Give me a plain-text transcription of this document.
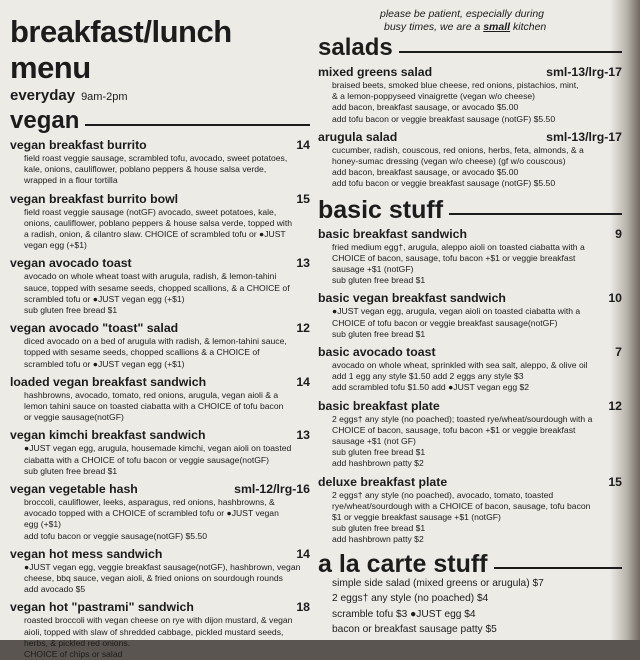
breakfast/lunch menu
everyday 9am-2pm
vegan
vegan breakfast burrito	14
field roast veggie sausage, scrambled tofu, avocado, sweet potatoes,
kale, onions, cauliflower, poblano peppers & house salsa verde,
wrapped in a flour tortilla
vegan breakfast burrito bowl	15
field roast veggie sausage (notGF) avocado, sweet potatoes, kale,
onions, cauliflower, poblano peppers & house salsa verde, topped with
a radish, onion, & cilantro slaw. CHOICE of scrambled tofu or ●JUST
vegan egg (+$1)
vegan avocado toast	13
avocado on whole wheat toast with arugula, radish, & lemon-tahini
sauce, topped with sesame seeds, chopped scallions, & a CHOICE of
scrambled tofu or ●JUST vegan egg (+$1)
sub gluten free bread $1
vegan avocado "toast" salad	12
diced avocado on a bed of arugula with radish, & lemon-tahini sauce,
topped with sesame seeds, chopped scallions & a CHOICE of
scrambled tofu or ●JUST vegan egg (+$1)
loaded vegan breakfast sandwich	14
hashbrowns, avocado, tomato, red onions, arugula, vegan aioli & a
lemon tahini sauce on toasted ciabatta with a CHOICE of tofu bacon
or veggie sausage(notGF)
vegan kimchi breakfast sandwich	13
●JUST vegan egg, arugula, housemade kimchi, vegan aioli on toasted
ciabatta with a CHOICE of tofu bacon or veggie sausage(notGF)
sub gluten free bread $1
vegan vegetable hash	sml-12/lrg-16
broccoli, cauliflower, leeks, asparagus, red onions, hashbrowns, &
avocado topped with a CHOICE of scrambled tofu or ●JUST vegan
egg (+$1)
add tofu bacon or veggie sausage(notGF) $5.50
vegan hot mess sandwich	14
●JUST vegan egg, veggie breakfast sausage(notGF), hashbrown, vegan
cheese, bbq sauce, vegan aioli, & fried onions on sourdough rounds
add avocado $5
vegan hot "pastrami" sandwich	18
roasted broccoli with vegan cheese on rye with dijon mustard, & vegan
aioli, topped with slaw of shredded cabbage, pickled mustard seeds,
herbs, & pickled red onions.
CHOICE of chips or salad
please be patient, especially during
busy times, we are a small kitchen
salads
mixed greens salad	sml-13/lrg-17
braised beets, smoked blue cheese, red onions, pistachios, mint,
& a lemon-poppyseed vinaigrette (vegan w/o cheese)
add bacon, breakfast sausage, or avocado $5.00
add tofu bacon or veggie breakfast sausage (notGF) $5.50
arugula salad	sml-13/lrg-17
cucumber, radish, couscous, red onions, herbs, feta, almonds, & a
honey-sumac dressing (vegan w/o cheese) (gf w/o couscous)
add bacon, breakfast sausage, or avocado $5.00
add tofu bacon or veggie breakfast sausage (notGF) $5.50
basic stuff
basic breakfast sandwich	9
fried medium egg†, arugula, aleppo aioli on toasted ciabatta with a
CHOICE of bacon, sausage, tofu bacon +$1 or veggie breakfast
sausage +$1 (notGF)
sub gluten free bread $1
basic vegan breakfast sandwich	10
●JUST vegan egg, arugula, vegan aioli on toasted ciabatta with a
CHOICE of tofu bacon or veggie breakfast sausage(notGF)
sub gluten free bread $1
basic avocado toast	7
avocado on whole wheat, sprinkled with sea salt, aleppo, & olive oil
add 1 egg any style $1.50 add 2 eggs any style $3
add scrambled tofu $1.50 add ●JUST vegan egg $2
basic breakfast plate	12
2 eggs† any style (no poached); toasted rye/wheat/sourdough with a
CHOICE of bacon, sausage, tofu bacon +$1 or veggie breakfast
sausage +$1 (not GF)
sub gluten free bread $1
add hashbrown patty $2
deluxe breakfast plate	15
2 eggs† any style (no poached), avocado, tomato, toasted
rye/wheat/sourdough with a CHOICE of bacon, sausage, tofu bacon
$1 or veggie breakfast sausage +$1 (notGF)
sub gluten free bread $1
add hashbrown patty $2
a la carte stuff
simple side salad (mixed greens or arugula) $7
2 eggs† any style (no poached) $4
scramble tofu $3 ●JUST egg $4
bacon or breakfast sausage patty $5
